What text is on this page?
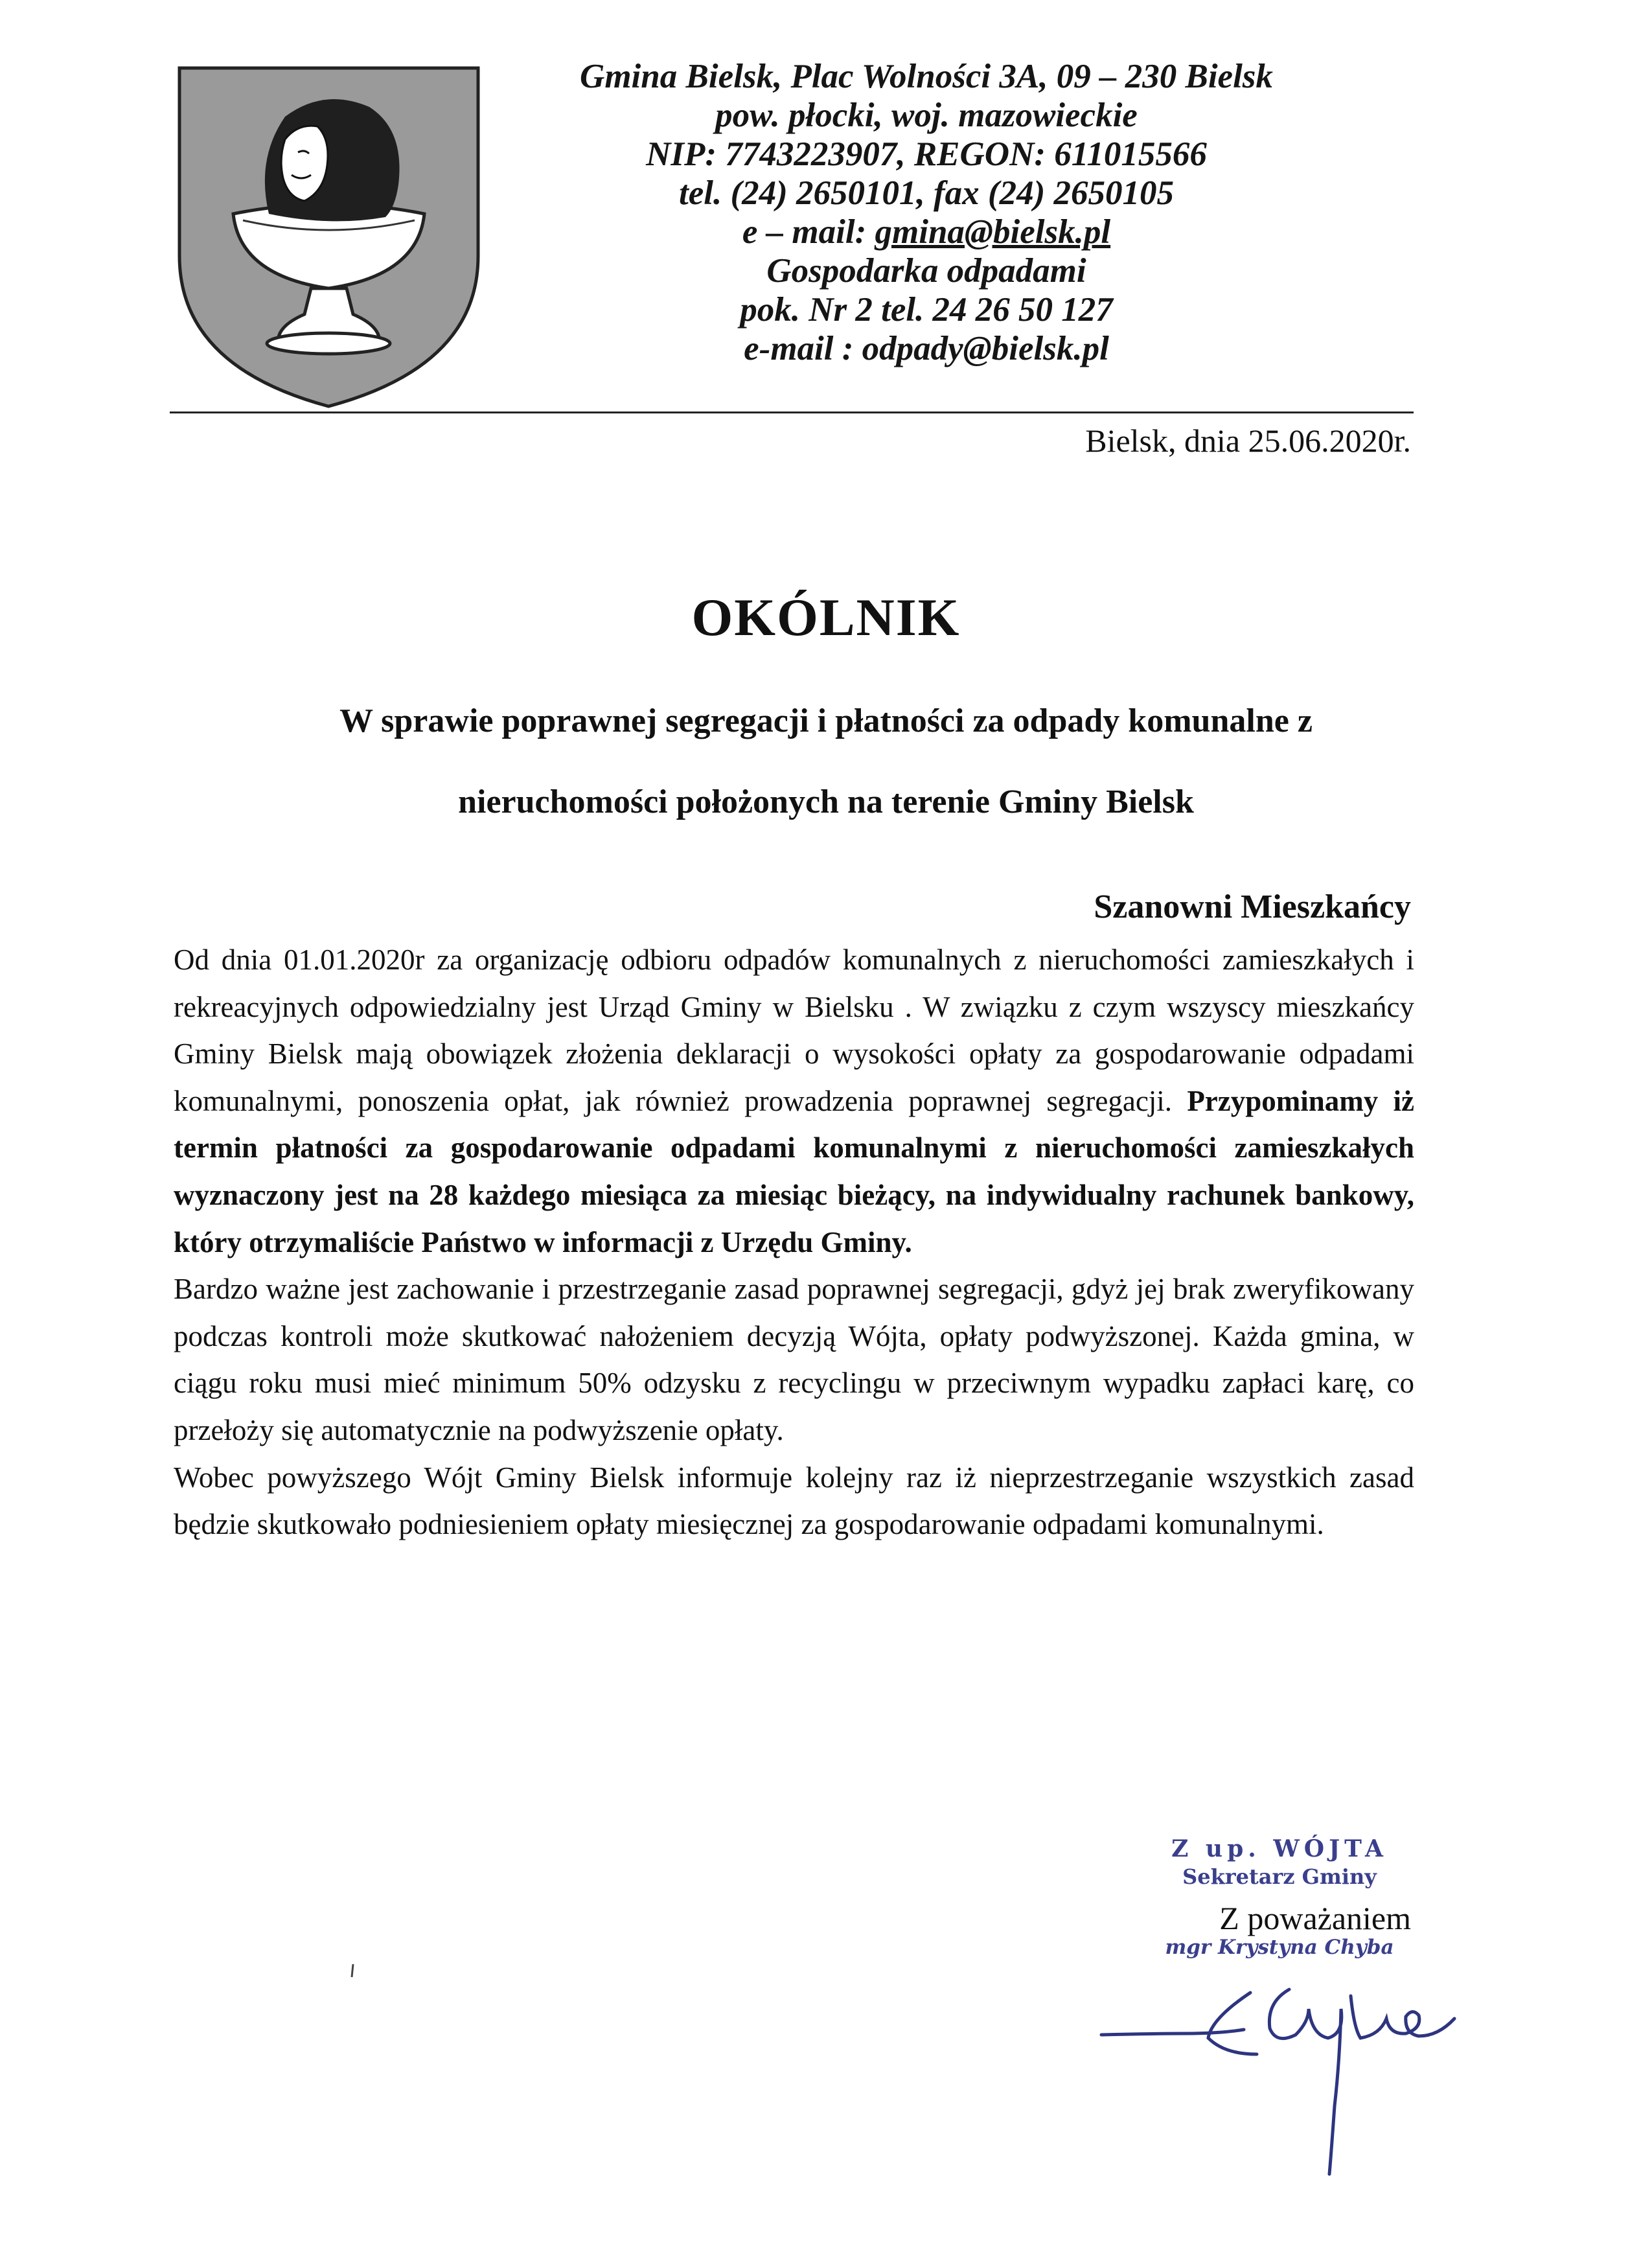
Gmina Bielsk, Plac Wolności 3A, 09 – 230 Bielsk
pow. płocki, woj. mazowieckie
NIP: 7743223907, REGON: 611015566
tel. (24) 2650101, fax (24) 2650105
e – mail: gmina@bielsk.pl
Gospodarka odpadami
pok. Nr 2 tel. 24 26 50 127
e-mail : odpady@bielsk.pl
Bielsk, dnia 25.06.2020r.
OKÓLNIK
W sprawie poprawnej segregacji i płatności za odpady komunalne z
nieruchomości położonych na terenie Gminy Bielsk
Szanowni Mieszkańcy

Od dnia 01.01.2020r za organizację odbioru odpadów komunalnych z nieruchomości zamieszkałych i rekreacyjnych odpowiedzialny jest Urząd Gminy w Bielsku . W związku z czym wszyscy mieszkańcy Gminy Bielsk mają obowiązek złożenia deklaracji o wysokości opłaty za gospodarowanie odpadami komunalnymi, ponoszenia opłat, jak również prowadzenia poprawnej segregacji. Przypominamy iż termin płatności za gospodarowanie odpadami komunalnymi z nieruchomości zamieszkałych wyznaczony jest na 28 każdego miesiąca za miesiąc bieżący, na indywidualny rachunek bankowy, który otrzymaliście Państwo w informacji z Urzędu Gminy.

Bardzo ważne jest zachowanie i przestrzeganie zasad poprawnej segregacji, gdyż jej brak zweryfikowany podczas kontroli może skutkować nałożeniem decyzją Wójta, opłaty podwyższonej. Każda gmina, w ciągu roku musi mieć minimum 50% odzysku z recyclingu w przeciwnym wypadku zapłaci karę, co przełoży się automatycznie na podwyższenie opłaty.

Wobec powyższego Wójt Gminy Bielsk informuje kolejny raz iż nieprzestrzeganie wszystkich zasad będzie skutkowało podniesieniem opłaty miesięcznej za gospodarowanie odpadami komunalnymi.

Z up. WÓJTA
Sekretarz Gminy
Z poważaniem
mgr Krystyna Chyba
